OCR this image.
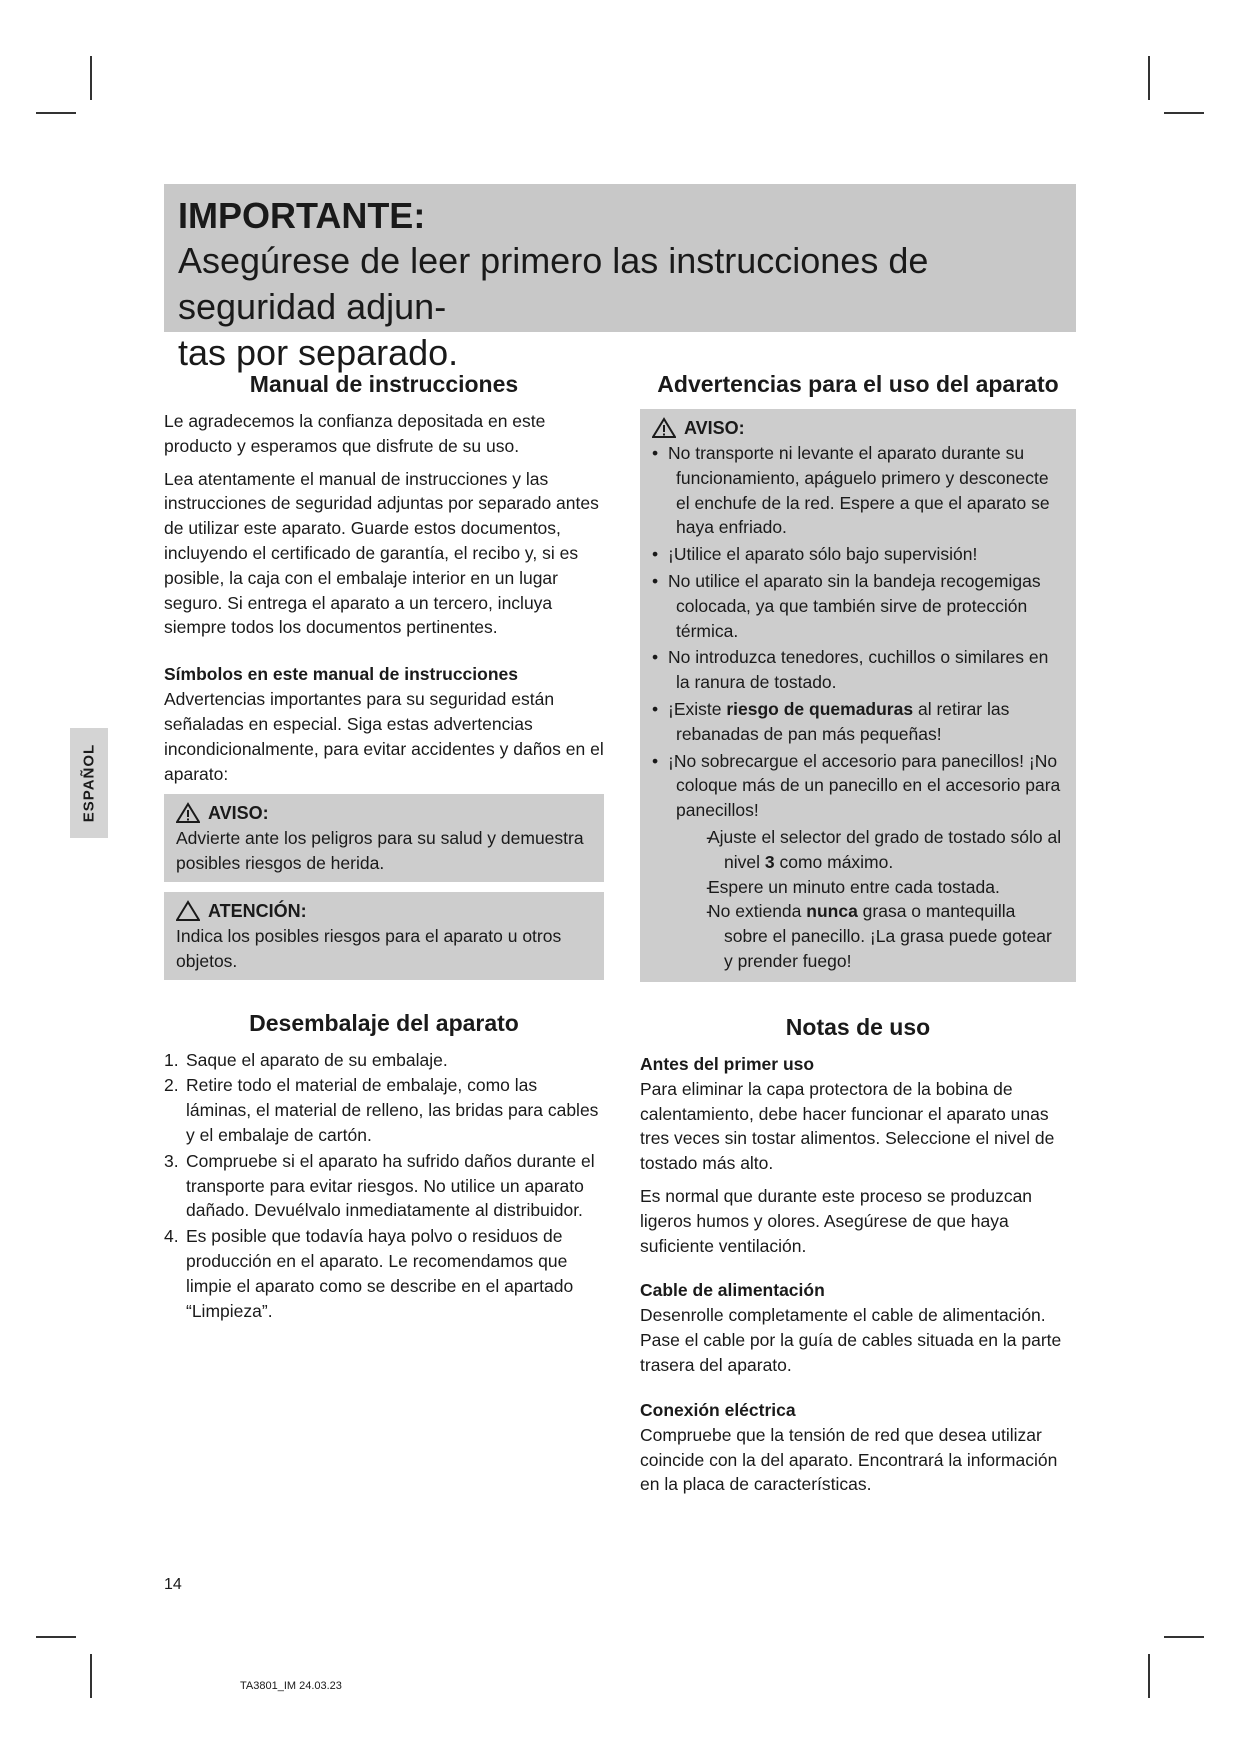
IMPORTANTE:

Asegúrese de leer primero las instrucciones de seguridad adjun-

tas por separado.

ESPAÑOL
Manual de instrucciones

Le agradecemos la confianza depositada en este producto y esperamos que disfrute de su uso.

Lea atentamente el manual de instrucciones y las instrucciones de seguridad adjuntas por separado antes de utilizar este aparato. Guarde estos documentos, incluyendo el certificado de garantía, el recibo y, si es posible, la caja con el embalaje interior en un lugar seguro. Si entrega el aparato a un tercero, incluya siempre todos los documentos pertinentes.

Símbolos en este manual de instrucciones

Advertencias importantes para su seguridad están señaladas en especial. Siga estas advertencias incondicionalmente, para evitar accidentes y daños en el aparato:

AVISO:
Advierte ante los peligros para su salud y demuestra posibles riesgos de herida.
ATENCIÓN:
Indica los posibles riesgos para el aparato u otros objetos.
Desembalaje del aparato
1. Saque el aparato de su embalaje.
2. Retire todo el material de embalaje, como las láminas, el material de relleno, las bridas para cables y el embalaje de cartón.
3. Compruebe si el aparato ha sufrido daños durante el transporte para evitar riesgos. No utilice un aparato dañado. Devuélvalo inmediatamente al distribuidor.
4. Es posible que todavía haya polvo o residuos de producción en el aparato. Le recomendamos que limpie el aparato como se describe en el apartado “Limpieza”.
Advertencias para el uso del aparato
AVISO:
• No transporte ni levante el aparato durante su funcionamiento, apáguelo primero y desconecte el enchufe de la red. Espere a que el aparato se haya enfriado.
• ¡Utilice el aparato sólo bajo supervisión!
• No utilice el aparato sin la bandeja recogemigas colocada, ya que también sirve de protección térmica.
• No introduzca tenedores, cuchillos o similares en la ranura de tostado.
• ¡Existe riesgo de quemaduras al retirar las rebanadas de pan más pequeñas!
• ¡No sobrecargue el accesorio para panecillos! ¡No coloque más de un panecillo en el accesorio para panecillos!
- Ajuste el selector del grado de tostado sólo al nivel 3 como máximo.
- Espere un minuto entre cada tostada.
- No extienda nunca grasa o mantequilla sobre el panecillo. ¡La grasa puede gotear y prender fuego!
Notas de uso
Antes del primer uso

Para eliminar la capa protectora de la bobina de calentamiento, debe hacer funcionar el aparato unas tres veces sin tostar alimentos. Seleccione el nivel de tostado más alto.

Es normal que durante este proceso se produzcan ligeros humos y olores. Asegúrese de que haya suficiente ventilación.

Cable de alimentación

Desenrolle completamente el cable de alimentación. Pase el cable por la guía de cables situada en la parte trasera del aparato.

Conexión eléctrica

Compruebe que la tensión de red que desea utilizar coincide con la del aparato. Encontrará la información en la placa de características.

14
TA3801_IM 24.03.23
